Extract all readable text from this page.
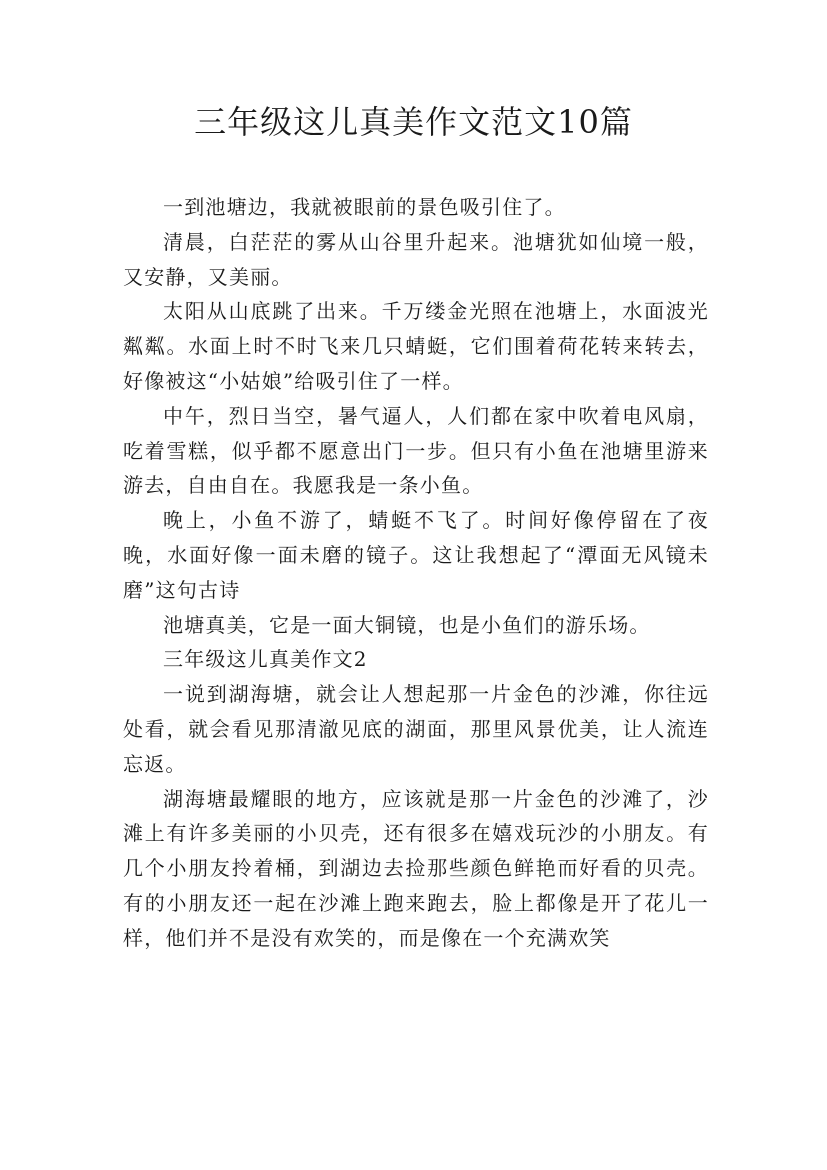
三年级这儿真美作文范文10篇

一到池塘边，我就被眼前的景色吸引住了。

清晨，白茫茫的雾从山谷里升起来。池塘犹如仙境一般，又安静，又美丽。

太阳从山底跳了出来。千万缕金光照在池塘上，水面波光粼粼。水面上时不时飞来几只蜻蜓，它们围着荷花转来转去，好像被这“小姑娘”给吸引住了一样。

中午，烈日当空，暑气逼人，人们都在家中吹着电风扇，吃着雪糕，似乎都不愿意出门一步。但只有小鱼在池塘里游来游去，自由自在。我愿我是一条小鱼。

晚上，小鱼不游了，蜻蜓不飞了。时间好像停留在了夜晚，水面好像一面未磨的镜子。这让我想起了“潭面无风镜未磨”这句古诗

池塘真美，它是一面大铜镜，也是小鱼们的游乐场。

三年级这儿真美作文2

一说到湖海塘，就会让人想起那一片金色的沙滩，你往远处看，就会看见那清澈见底的湖面，那里风景优美，让人流连忘返。

湖海塘最耀眼的地方，应该就是那一片金色的沙滩了，沙滩上有许多美丽的小贝壳，还有很多在嬉戏玩沙的小朋友。有几个小朋友拎着桶，到湖边去捡那些颜色鲜艳而好看的贝壳。有的小朋友还一起在沙滩上跑来跑去，脸上都像是开了花儿一样，他们并不是没有欢笑的，而是像在一个充满欢笑
